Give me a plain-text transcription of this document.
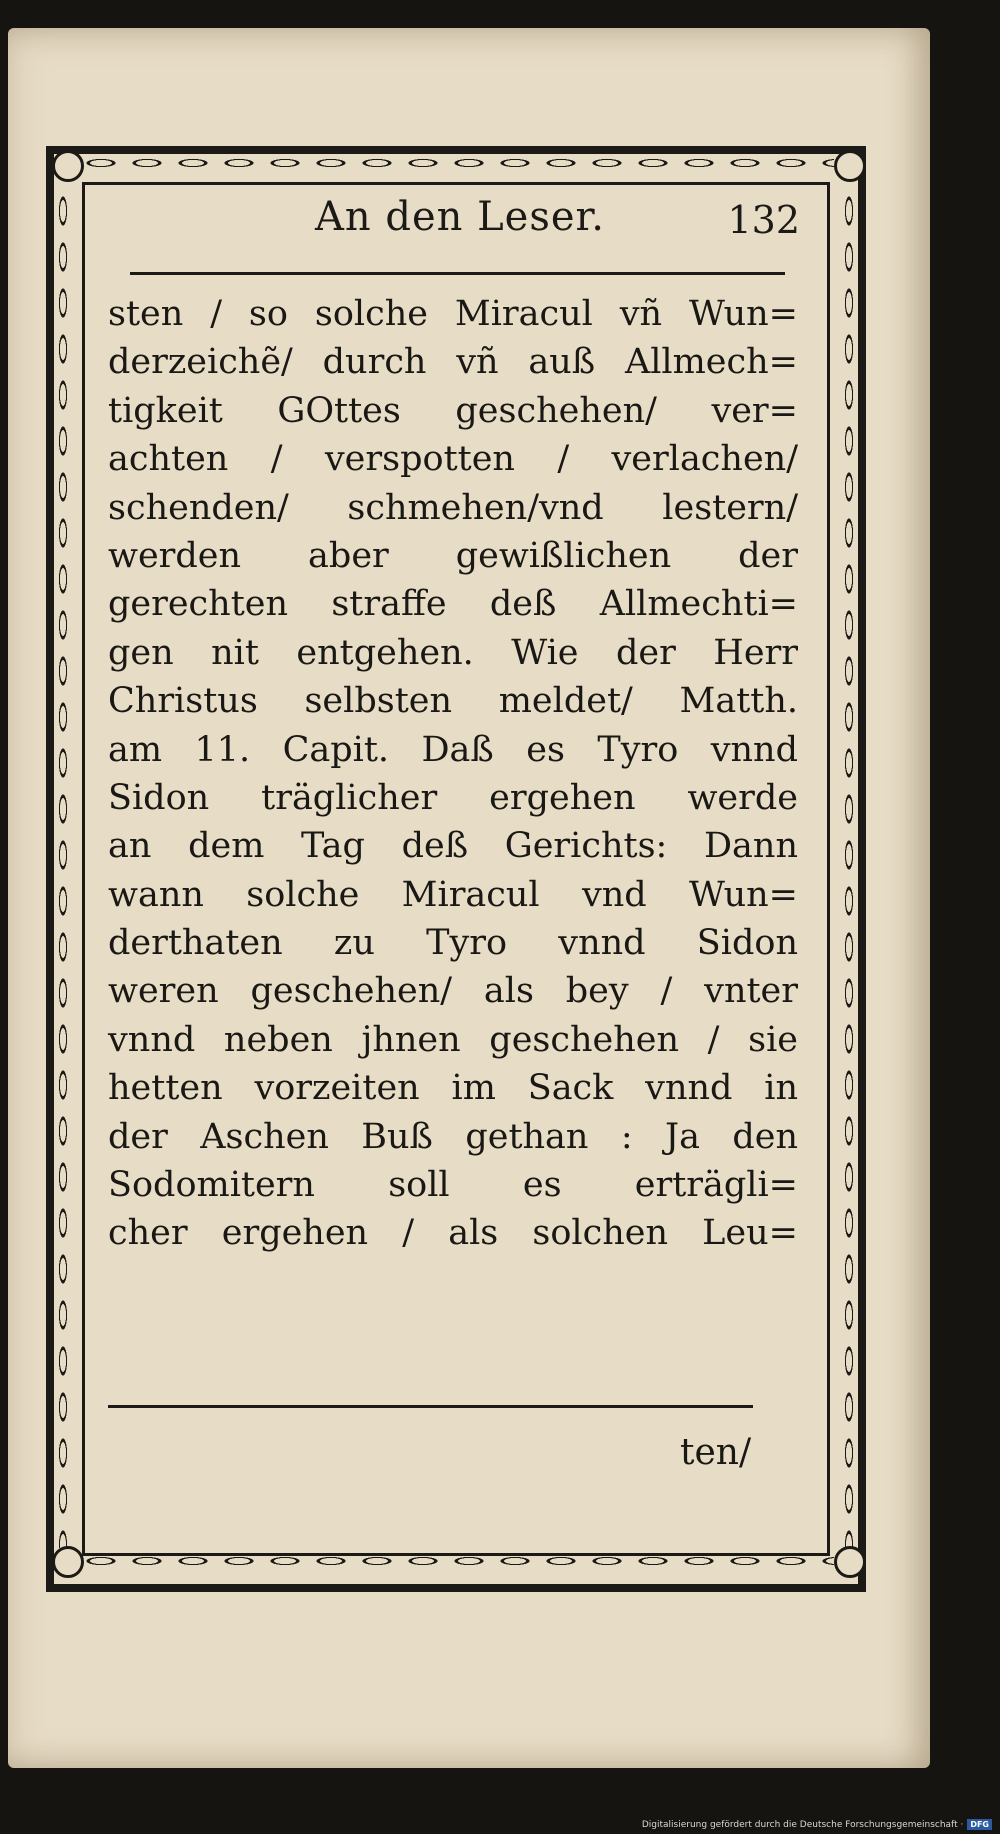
An den Leser.	132
sten / so solche Miracul vñ Wun=
derzeichẽ/ durch vñ auß Allmech=
tigkeit GOttes geschehen/ ver=
achten / verspotten / verlachen/
schenden/ schmehen/vnd lestern/
werden aber gewißlichen der
gerechten straffe deß Allmechti=
gen nit entgehen. Wie der Herr
Christus selbsten meldet/ Matth.
am 11. Capit. Daß es Tyro vnnd
Sidon träglicher ergehen werde
an dem Tag deß Gerichts: Dann
wann solche Miracul vnd Wun=
derthaten zu Tyro vnnd Sidon
weren geschehen/ als bey / vnter
vnnd neben jhnen geschehen / sie
hetten vorzeiten im Sack vnnd in
der Aschen Buß gethan : Ja den
Sodomitern soll es erträgli=
cher ergehen / als solchen Leu=
ten/
Digitalisierung gefördert durch die Deutsche Forschungsgemeinschaft · DFG
